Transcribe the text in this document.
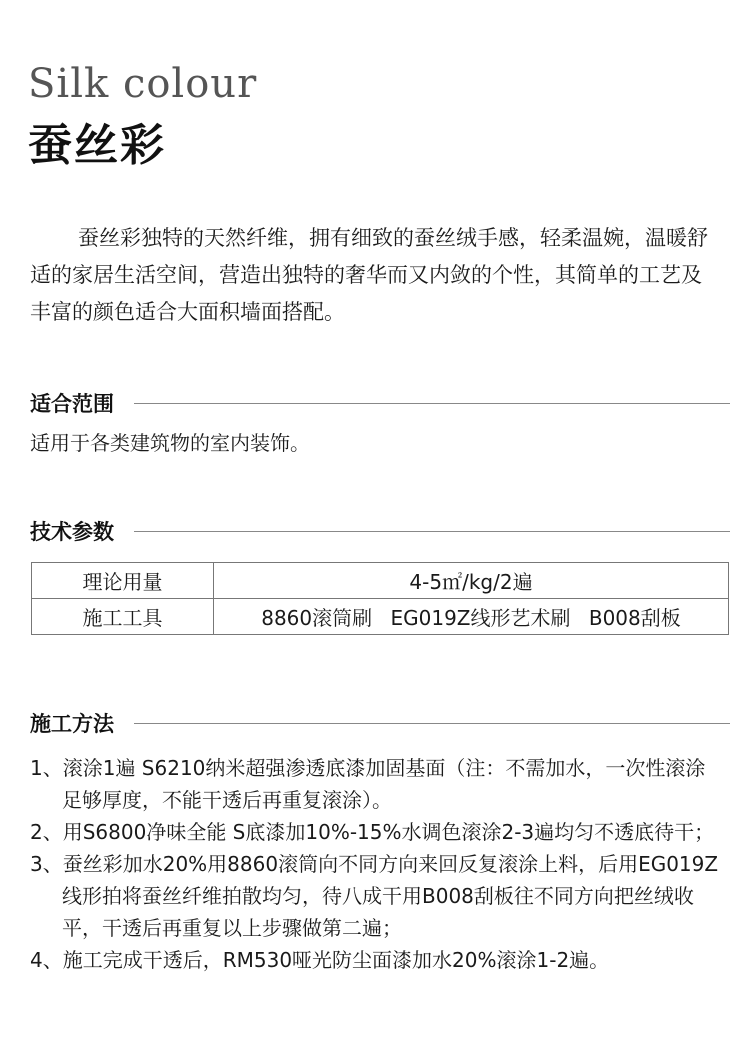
Silk colour
蚕丝彩

蚕丝彩独特的天然纤维，拥有细致的蚕丝绒手感，轻柔温婉，温暖舒适的家居生活空间，营造出独特的奢华而又内敛的个性，其简单的工艺及丰富的颜色适合大面积墙面搭配。

适合范围

适用于各类建筑物的室内装饰。

技术参数
理论用量	4-5㎡/kg/2遍
施工工具	8860滚筒刷 EG019Z线形艺术刷 B008刮板
施工方法
1、滚涂1遍 S6210纳米超强渗透底漆加固基面（注：不需加水，一次性滚涂足够厚度，不能干透后再重复滚涂）。
2、用S6800净味全能 S底漆加10%-15%水调色滚涂2-3遍均匀不透底待干；
3、蚕丝彩加水20%用8860滚筒向不同方向来回反复滚涂上料，后用EG019Z线形拍将蚕丝纤维拍散均匀，待八成干用B008刮板往不同方向把丝绒收平，干透后再重复以上步骤做第二遍；
4、施工完成干透后，RM530哑光防尘面漆加水20%滚涂1-2遍。
